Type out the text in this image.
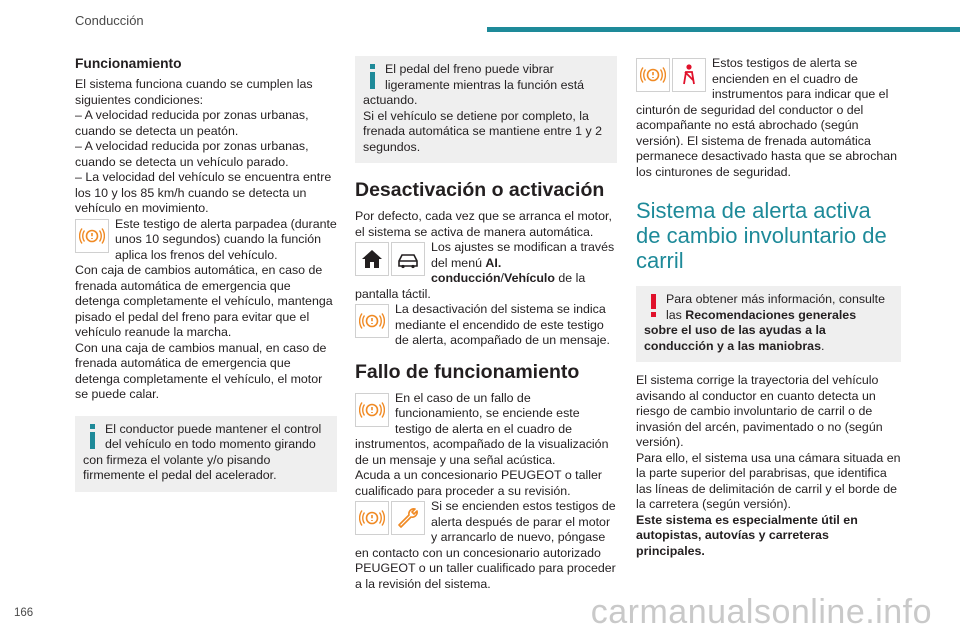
Conducción
Funcionamiento

El sistema funciona cuando se cumplen las siguientes condiciones:

– A velocidad reducida por zonas urbanas, cuando se detecta un peatón.

– A velocidad reducida por zonas urbanas, cuando se detecta un vehículo parado.

– La velocidad del vehículo se encuentra entre los 10 y los 85 km/h cuando se detecta un vehículo en movimiento.

Este testigo de alerta parpadea (durante unos 10 segundos) cuando la función aplica los frenos del vehículo.

Con caja de cambios automática, en caso de frenada automática de emergencia que detenga completamente el vehículo, mantenga pisado el pedal del freno para evitar que el vehículo reanude la marcha.

Con una caja de cambios manual, en caso de frenada automática de emergencia que detenga completamente el vehículo, el motor se puede calar.

El conductor puede mantener el control del vehículo en todo momento girando con firmeza el volante y/o pisando firmemente el pedal del acelerador.
El pedal del freno puede vibrar ligeramente mientras la función está actuando.
Si el vehículo se detiene por completo, la frenada automática se mantiene entre 1 y 2 segundos.
Desactivación o activación

Por defecto, cada vez que se arranca el motor, el sistema se activa de manera automática.

Los ajustes se modifican a través del menú AI. conducción/Vehículo de la pantalla táctil.

La desactivación del sistema se indica mediante el encendido de este testigo de alerta, acompañado de un mensaje.

Fallo de funcionamiento

En el caso de un fallo de funcionamiento, se enciende este testigo de alerta en el cuadro de instrumentos, acompañado de la visualización de un mensaje y una señal acústica.

Acuda a un concesionario PEUGEOT o taller cualificado para proceder a su revisión.

Si se encienden estos testigos de alerta después de parar el motor y arrancarlo de nuevo, póngase en contacto con un concesionario autorizado PEUGEOT o un taller cualificado para proceder a la revisión del sistema.

Estos testigos de alerta se encienden en el cuadro de instrumentos para indicar que el cinturón de seguridad del conductor o del acompañante no está abrochado (según versión). El sistema de frenada automática permanece desactivado hasta que se abrochan los cinturones de seguridad.

Sistema de alerta activa de cambio involuntario de carril
Para obtener más información, consulte las Recomendaciones generales sobre el uso de las ayudas a la conducción y a las maniobras.

El sistema corrige la trayectoria del vehículo avisando al conductor en cuanto detecta un riesgo de cambio involuntario de carril o de invasión del arcén, pavimentado o no (según versión).

Para ello, el sistema usa una cámara situada en la parte superior del parabrisas, que identifica las líneas de delimitación de carril y el borde de la carretera (según versión).

Este sistema es especialmente útil en autopistas, autovías y carreteras principales.

166	carmanualsonline.info
